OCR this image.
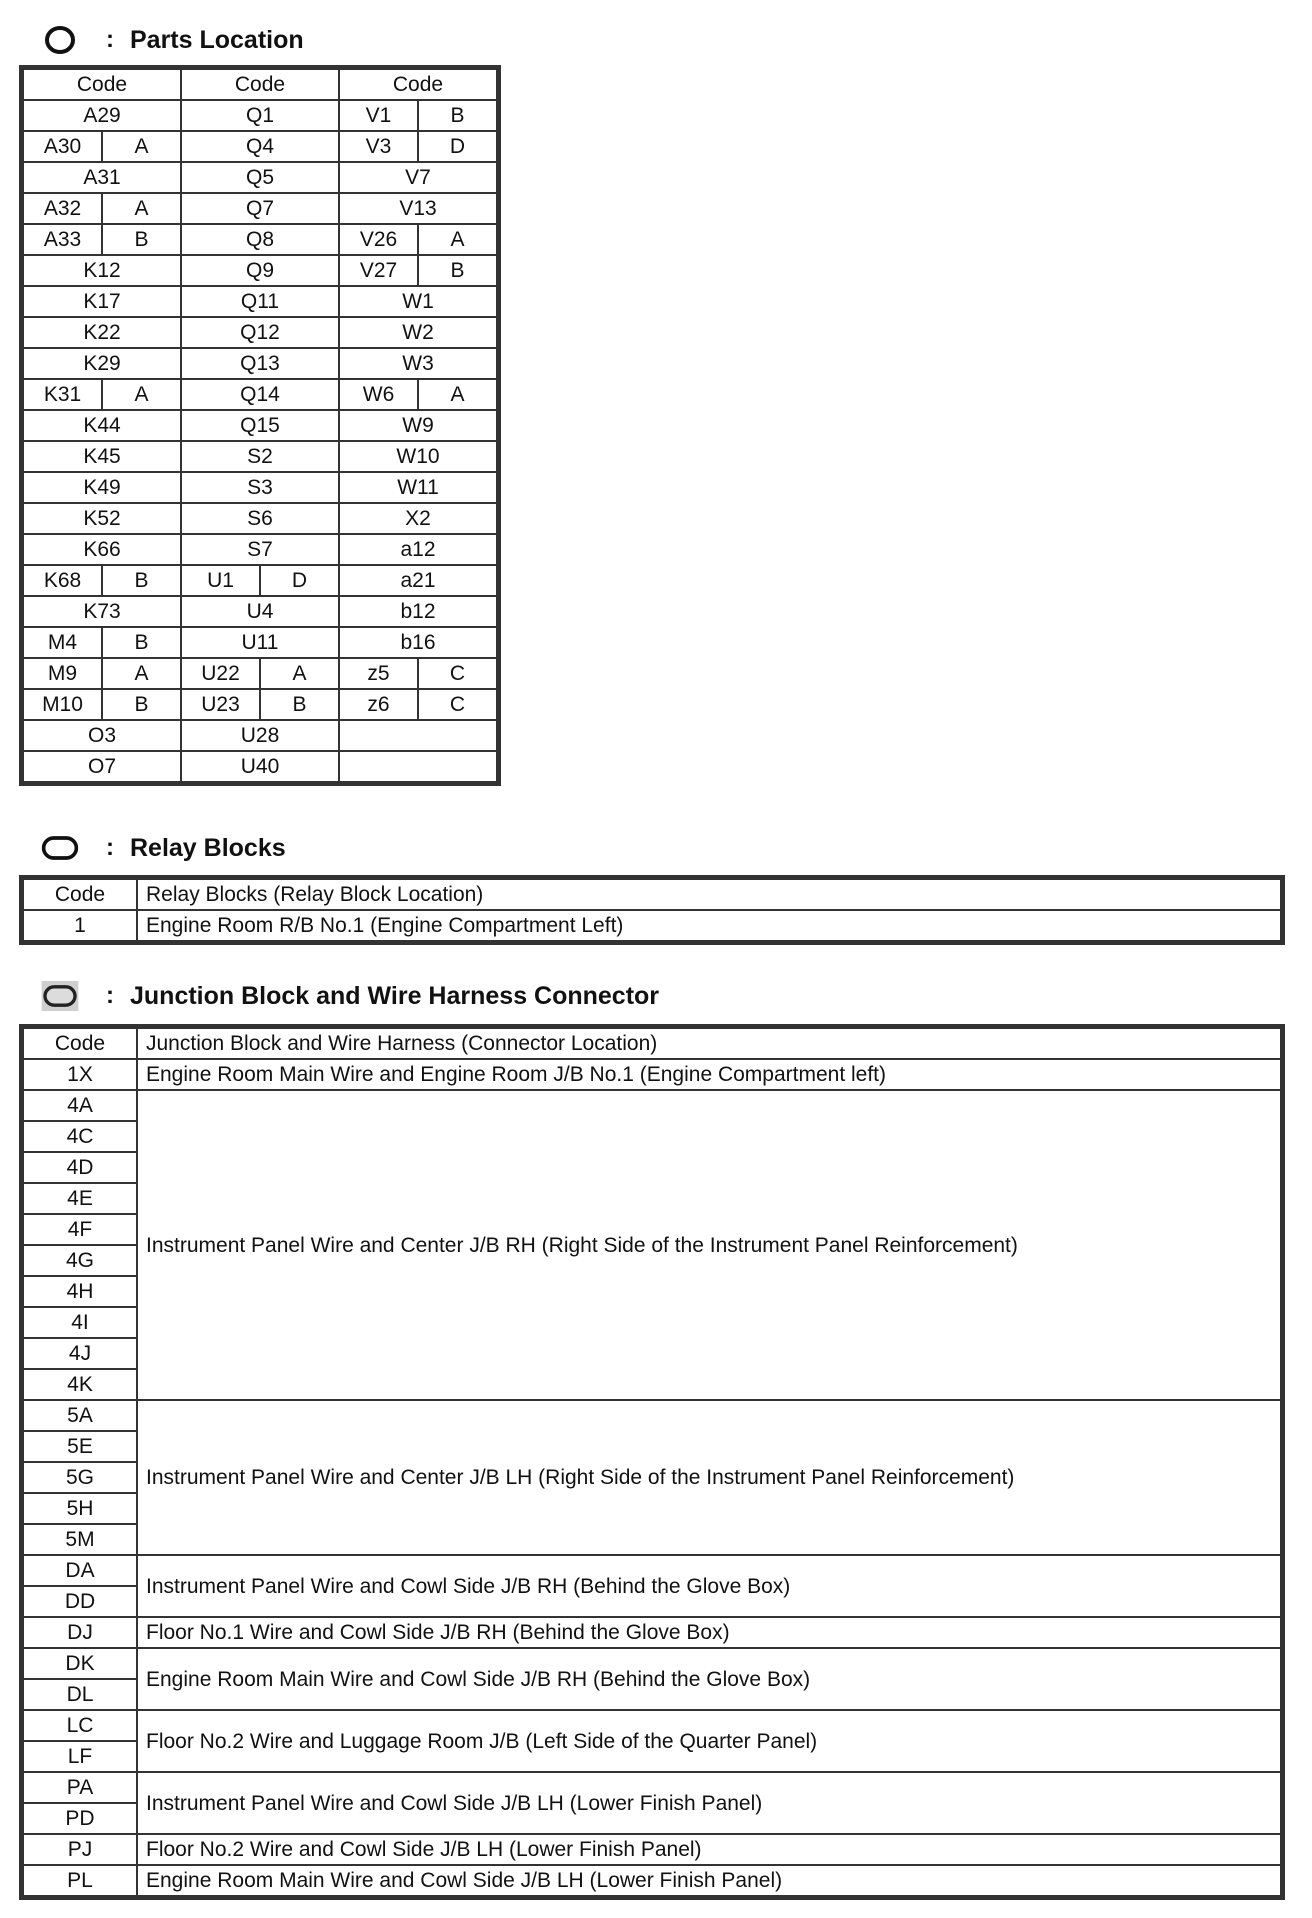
: Parts Location
Code		Code		Code	
A29		Q1		V1	B
A30	A	Q4		V3	D
A31		Q5		V7	
A32	A	Q7		V13	
A33	B	Q8		V26	A
K12		Q9		V27	B
K17		Q11		W1	
K22		Q12		W2	
K29		Q13		W3	
K31	A	Q14		W6	A
K44		Q15		W9	
K45		S2		W10	
K49		S3		W11	
K52		S6		X2	
K66		S7		a12	
K68	B	U1	D	a21	
K73		U4		b12	
M4	B	U11		b16	
M9	A	U22	A	z5	C
M10	B	U23	B	z6	C
O3		U28			
O7		U40			
: Relay Blocks
Code	Relay Blocks (Relay Block Location)
1	Engine Room R/B No.1 (Engine Compartment Left)
: Junction Block and Wire Harness Connector
Code	Junction Block and Wire Harness (Connector Location)
1X	Engine Room Main Wire and Engine Room J/B No.1 (Engine Compartment left)
4A	Instrument Panel Wire and Center J/B RH (Right Side of the Instrument Panel Reinforcement)
4C	
4D	
4E	
4F	
4G	
4H	
4I	
4J	
4K	
5A	Instrument Panel Wire and Center J/B LH (Right Side of the Instrument Panel Reinforcement)
5E	
5G	
5H	
5M	
DA	Instrument Panel Wire and Cowl Side J/B RH (Behind the Glove Box)
DD	
DJ	Floor No.1 Wire and Cowl Side J/B RH (Behind the Glove Box)
DK	Engine Room Main Wire and Cowl Side J/B RH (Behind the Glove Box)
DL	
LC	Floor No.2 Wire and Luggage Room J/B (Left Side of the Quarter Panel)
LF	
PA	Instrument Panel Wire and Cowl Side J/B LH (Lower Finish Panel)
PD	
PJ	Floor No.2 Wire and Cowl Side J/B LH (Lower Finish Panel)
PL	Engine Room Main Wire and Cowl Side J/B LH (Lower Finish Panel)
